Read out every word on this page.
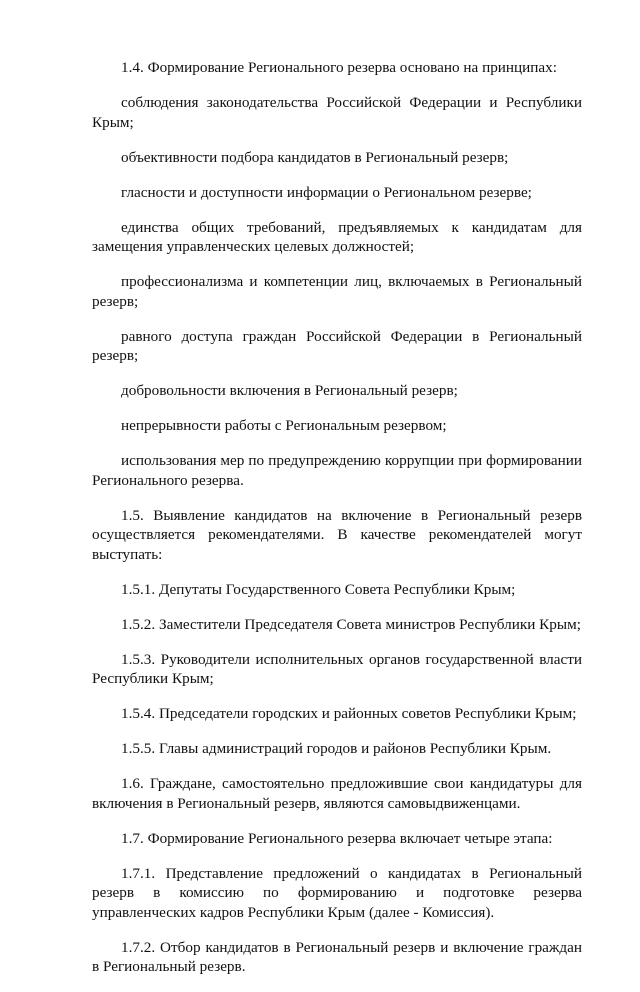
1.4. Формирование Регионального резерва основано на принципах:

соблюдения законодательства Российской Федерации и Республики Крым;

объективности подбора кандидатов в Региональный резерв;

гласности и доступности информации о Региональном резерве;

единства общих требований, предъявляемых к кандидатам для замещения управленческих целевых должностей;

профессионализма и компетенции лиц, включаемых в Региональный резерв;

равного доступа граждан Российской Федерации в Региональный резерв;

добровольности включения в Региональный резерв;

непрерывности работы с Региональным резервом;

использования мер по предупреждению коррупции при формировании Регионального резерва.

1.5. Выявление кандидатов на включение в Региональный резерв осуществляется рекомендателями. В качестве рекомендателей могут выступать:

1.5.1. Депутаты Государственного Совета Республики Крым;

1.5.2. Заместители Председателя Совета министров Республики Крым;

1.5.3. Руководители исполнительных органов государственной власти Республики Крым;

1.5.4. Председатели городских и районных советов Республики Крым;

1.5.5. Главы администраций городов и районов Республики Крым.

1.6. Граждане, самостоятельно предложившие свои кандидатуры для включения в Региональный резерв, являются самовыдвиженцами.

1.7. Формирование Регионального резерва включает четыре этапа:

1.7.1. Представление предложений о кандидатах в Региональный резерв в комиссию по формированию и подготовке резерва управленческих кадров Республики Крым (далее - Комиссия).

1.7.2. Отбор кандидатов в Региональный резерв и включение граждан в Региональный резерв.
